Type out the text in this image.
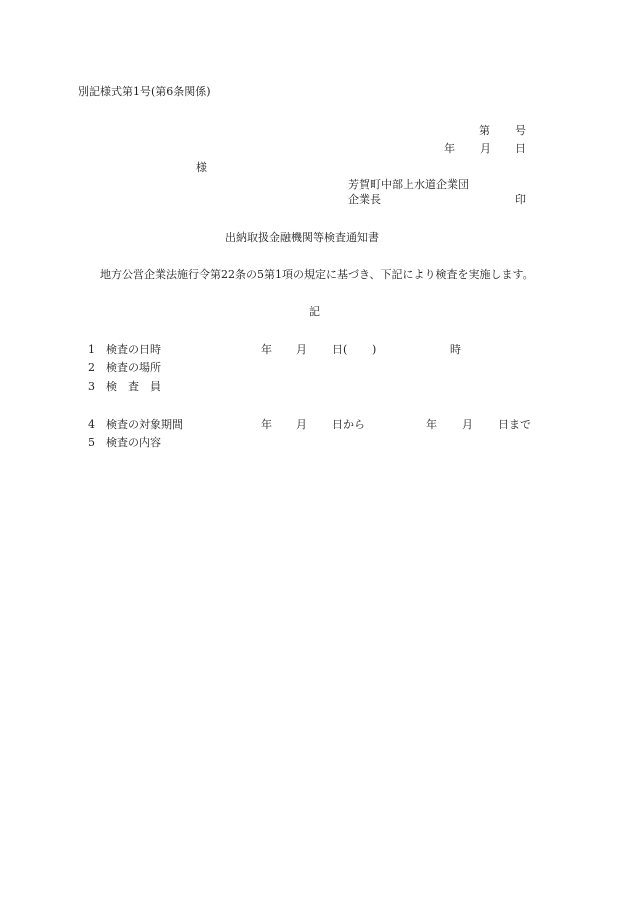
別記様式第1号(第6条関係)
第 号
年 月 日
様
芳賀町中部上水道企業団
企業長	印
出納取扱金融機関等検査通知書
地方公営企業法施行令第22条の5第1項の規定に基づき、下記により検査を実施します。
記
1 検査の日時	年 月 日( )	時
2 検査の場所
3 検　査　員
4 検査の対象期間	年 月 日から	年 月 日まで
5 検査の内容
